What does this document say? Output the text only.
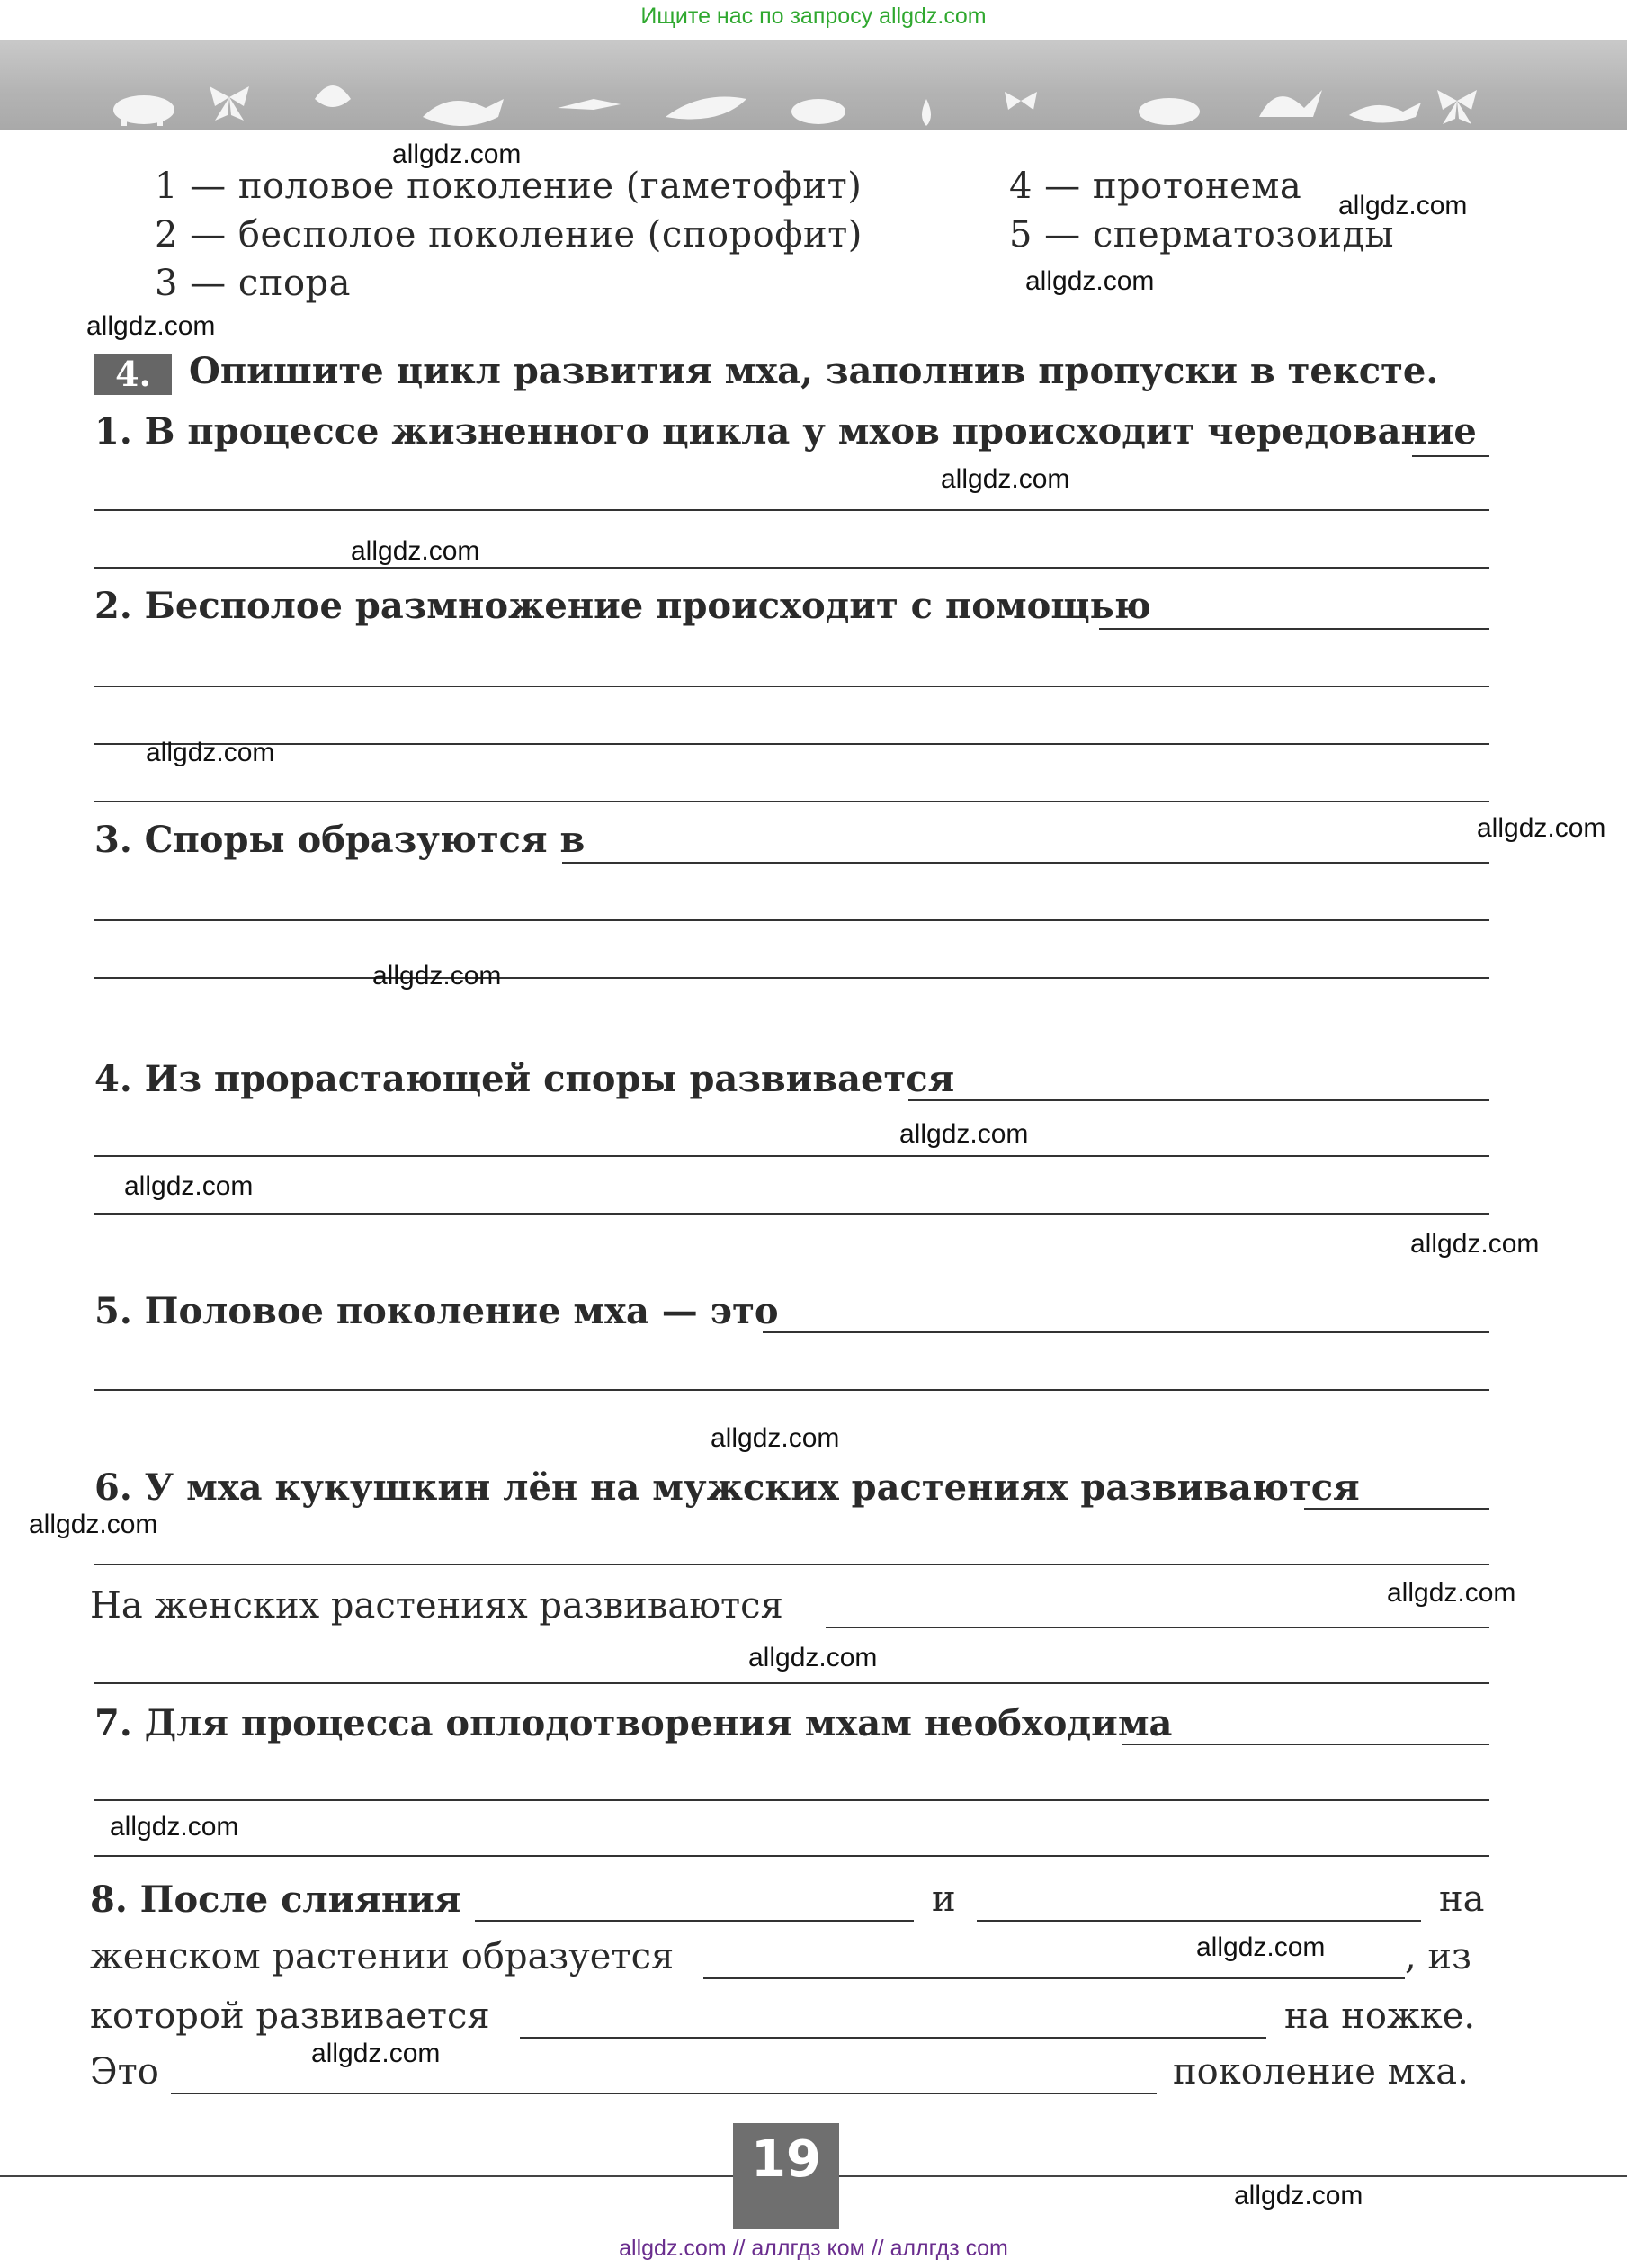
Ищите нас по запросу allgdz.com
1 — половое поколение (гаметофит)
2 — бесполое поколение (спорофит)
3 — спора
4 — протонема
5 — сперматозоиды
4.	Опишите цикл развития мха, заполнив пропуски в тексте.
1. В процессе жизненного цикла у мхов происходит чередование
2. Бесполое размножение происходит с помощью
3. Споры образуются в
4. Из прорастающей споры развивается
5. Половое поколение мха — это
6. У мха кукушкин лён на мужских растениях развиваются
На женских растениях развиваются
7. Для процесса оплодотворения мхам необходима
8. После слияния	и	на
женском растении образуется	, из
которой развивается	на ножке.
Это	поколение мха.
19
allgdz.com
allgdz.com
allgdz.com
allgdz.com
allgdz.com
allgdz.com
allgdz.com
allgdz.com
allgdz.com
allgdz.com
allgdz.com
allgdz.com
allgdz.com
allgdz.com
allgdz.com
allgdz.com
allgdz.com
allgdz.com
allgdz.com
allgdz.com
allgdz.com // аллгдз ком // аллгдз com
